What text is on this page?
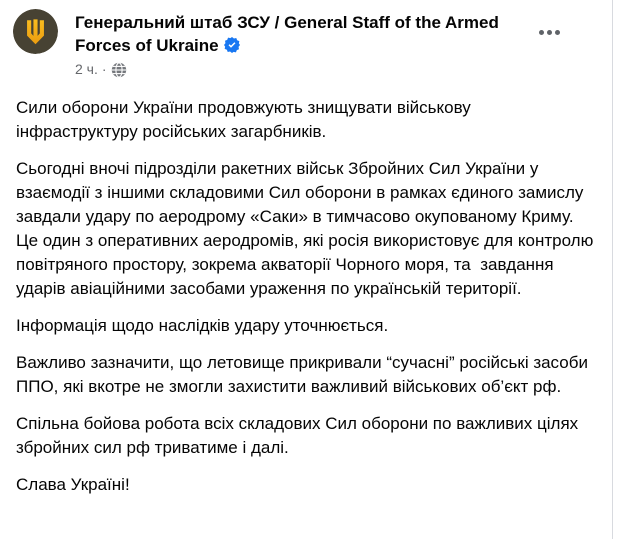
Генеральний штаб ЗСУ / General Staff of the Armed Forces of Ukraine
2 ч. ·

Сили оборони України продовжують знищувати військову інфраструктуру російських загарбників.

Сьогодні вночі підрозділи ракетних військ Збройних Сил України у взаємодії з іншими складовими Сил оборони в рамках єдиного замислу завдали удару по аеродрому «Саки» в тимчасово окупованому Криму. Це один з оперативних аеродромів, які росія використовує для контролю повітряного простору, зокрема акваторії Чорного моря, та  завдання ударів авіаційними засобами ураження по українській території.

Інформація щодо наслідків удару уточнюється.

Важливо зазначити, що летовище прикривали “сучасні” російські засоби ППО, які вкотре не змогли захистити важливий військових об’єкт рф.

Спільна бойова робота всіх складових Сил оборони по важливих цілях збройних сил рф триватиме і далі.

Слава Україні!
